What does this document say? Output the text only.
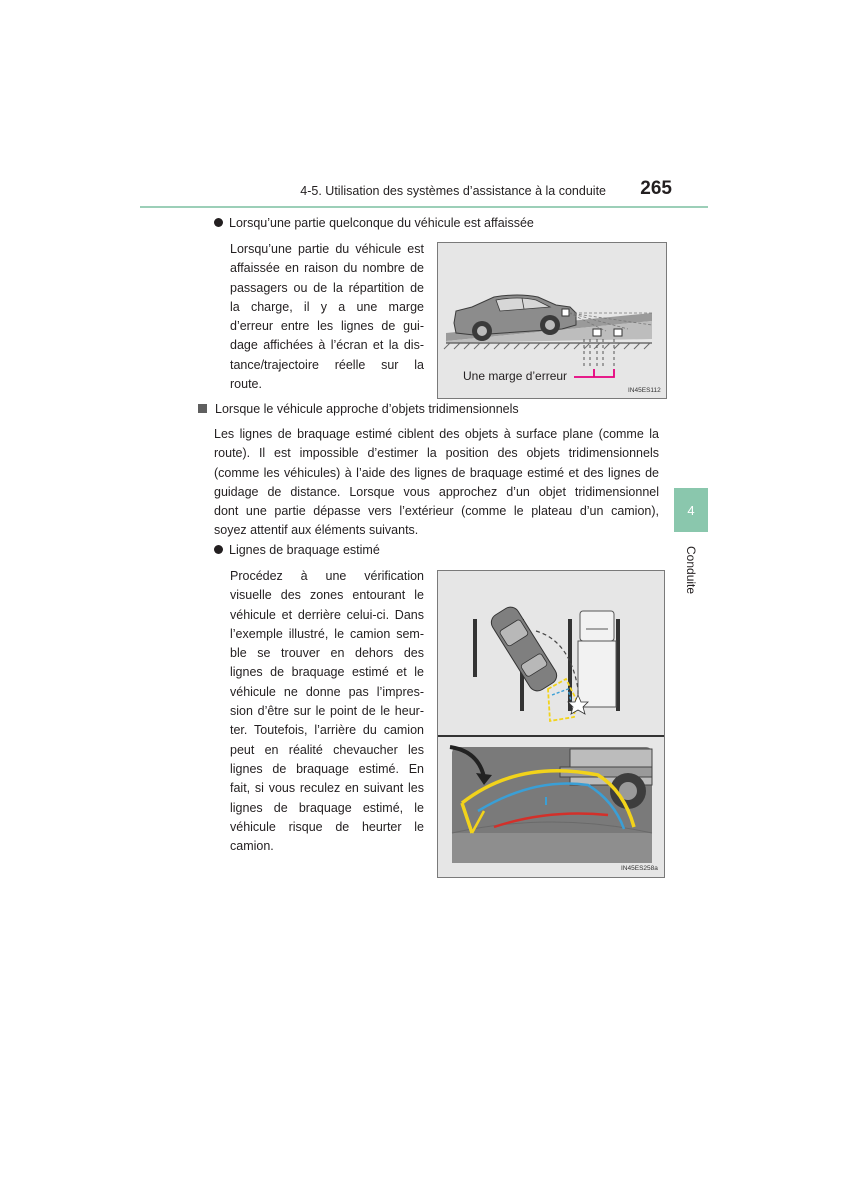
4-5. Utilisation des systèmes d’assistance à la conduite	265
4
Conduite
Lorsqu’une partie quelconque du véhicule est affaissée
Lorsqu’une partie du véhicule est
affaissée en raison du nombre de
passagers ou de la répartition de
la charge, il y a une marge
d’erreur entre les lignes de gui-
dage affichées à l’écran et la dis-
tance/trajectoire réelle sur la
route.
Une marge d’erreur
IN45ES112
Lorsque le véhicule approche d’objets tridimensionnels
Les lignes de braquage estimé ciblent des objets à surface plane (comme la
route). Il est impossible d’estimer la position des objets tridimensionnels
(comme les véhicules) à l’aide des lignes de braquage estimé et des lignes de
guidage de distance. Lorsque vous approchez d’un objet tridimensionnel
dont une partie dépasse vers l’extérieur (comme le plateau d’un camion),
soyez attentif aux éléments suivants.
Lignes de braquage estimé
Procédez à une vérification
visuelle des zones entourant le
véhicule et derrière celui-ci. Dans
l’exemple illustré, le camion sem-
ble se trouver en dehors des
lignes de braquage estimé et le
véhicule ne donne pas l’impres-
sion d’être sur le point de le heur-
ter. Toutefois, l’arrière du camion
peut en réalité chevaucher les
lignes de braquage estimé. En
fait, si vous reculez en suivant les
lignes de braquage estimé, le
véhicule risque de heurter le
camion.
IN45ES258a
